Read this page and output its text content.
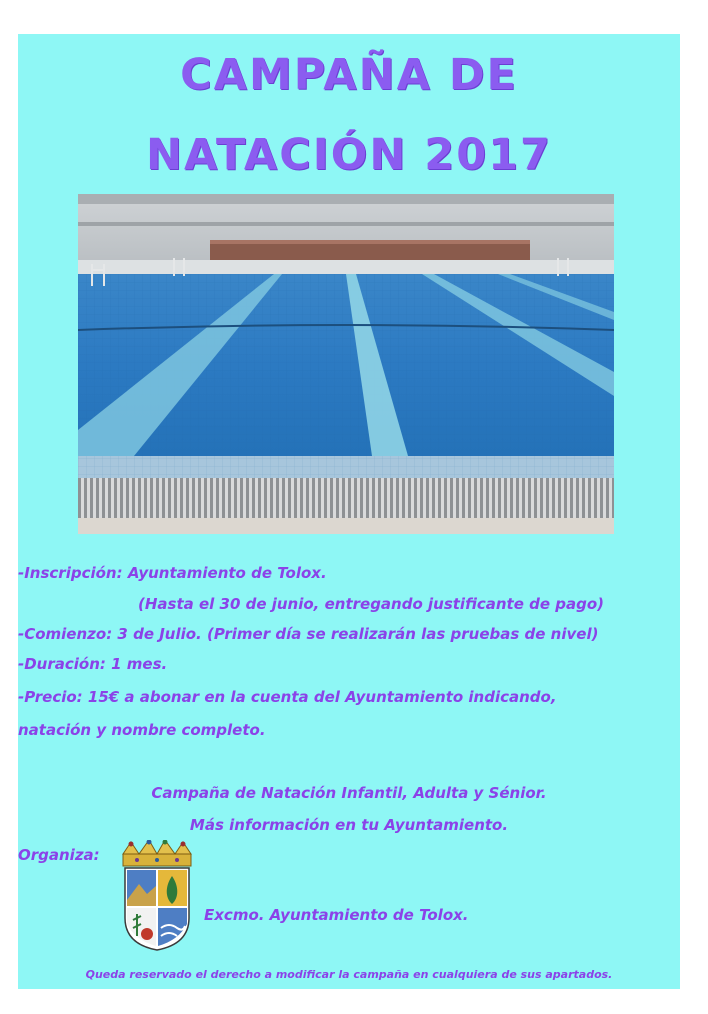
CAMPAÑA DE
NATACIÓN 2017
-Inscripción: Ayuntamiento de Tolox.
(Hasta el 30 de junio, entregando justificante de pago)
-Comienzo: 3 de Julio. (Primer día se realizarán las pruebas de nivel)
-Duración: 1 mes.
-Precio: 15€ a abonar en la cuenta del Ayuntamiento indicando,
natación y nombre completo.
Campaña de Natación Infantil, Adulta y Sénior.
Más información en tu Ayuntamiento.
Organiza:
Excmo. Ayuntamiento de Tolox.
Queda reservado el derecho a modificar la campaña en cualquiera de sus apartados.
